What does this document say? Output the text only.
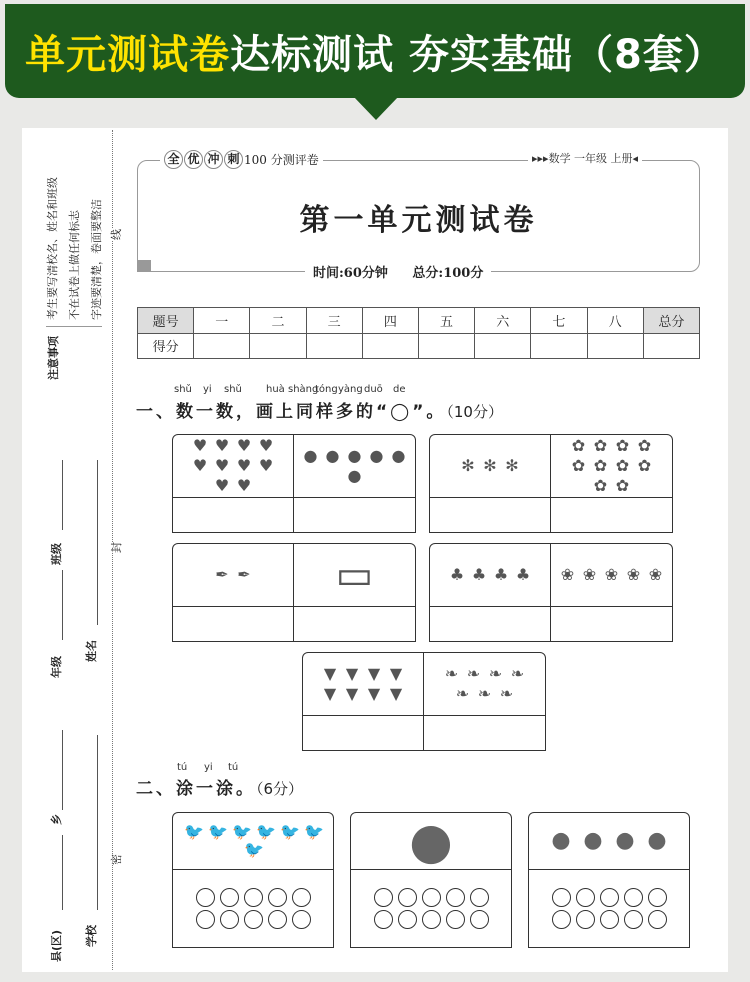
单元测试卷 达标测试 夯实基础（8套）
考生要写清校名、姓名和班级 不在试卷上做任何标志 字迹要清楚，卷面要整洁
注意事项
线
封
密
年级
班级
姓名
县(区)
乡
学校
全 优 冲 刺 100 分测评卷	▸▸▸数学 一年级 上册◂
第一单元测试卷
时间:60分钟 总分:100分
题号	一	二	三	四	五	六	七	八	总分
得分									
shǔ yi shǔ huà shàng
tóng yàng duō de
一、数一数，画上同样多的“◯”。（10分）
♥ ♥ ♥ ♥
♥ ♥ ♥ ♥
♥ ♥
● ● ● ● ●
●
✻ ✻ ✻
✿ ✿ ✿ ✿
✿ ✿ ✿ ✿
✿ ✿
✒ ✒ ▭	♣ ♣ ♣ ♣ ❀ ❀ ❀ ❀ ❀
▼ ▼ ▼ ▼
▼ ▼ ▼ ▼
❧ ❧ ❧ ❧
❧ ❧ ❧
tú yi tú
二、涂一涂。（6分）
🐦 🐦 🐦 🐦 🐦 🐦
🐦	●	● ● ● ●
